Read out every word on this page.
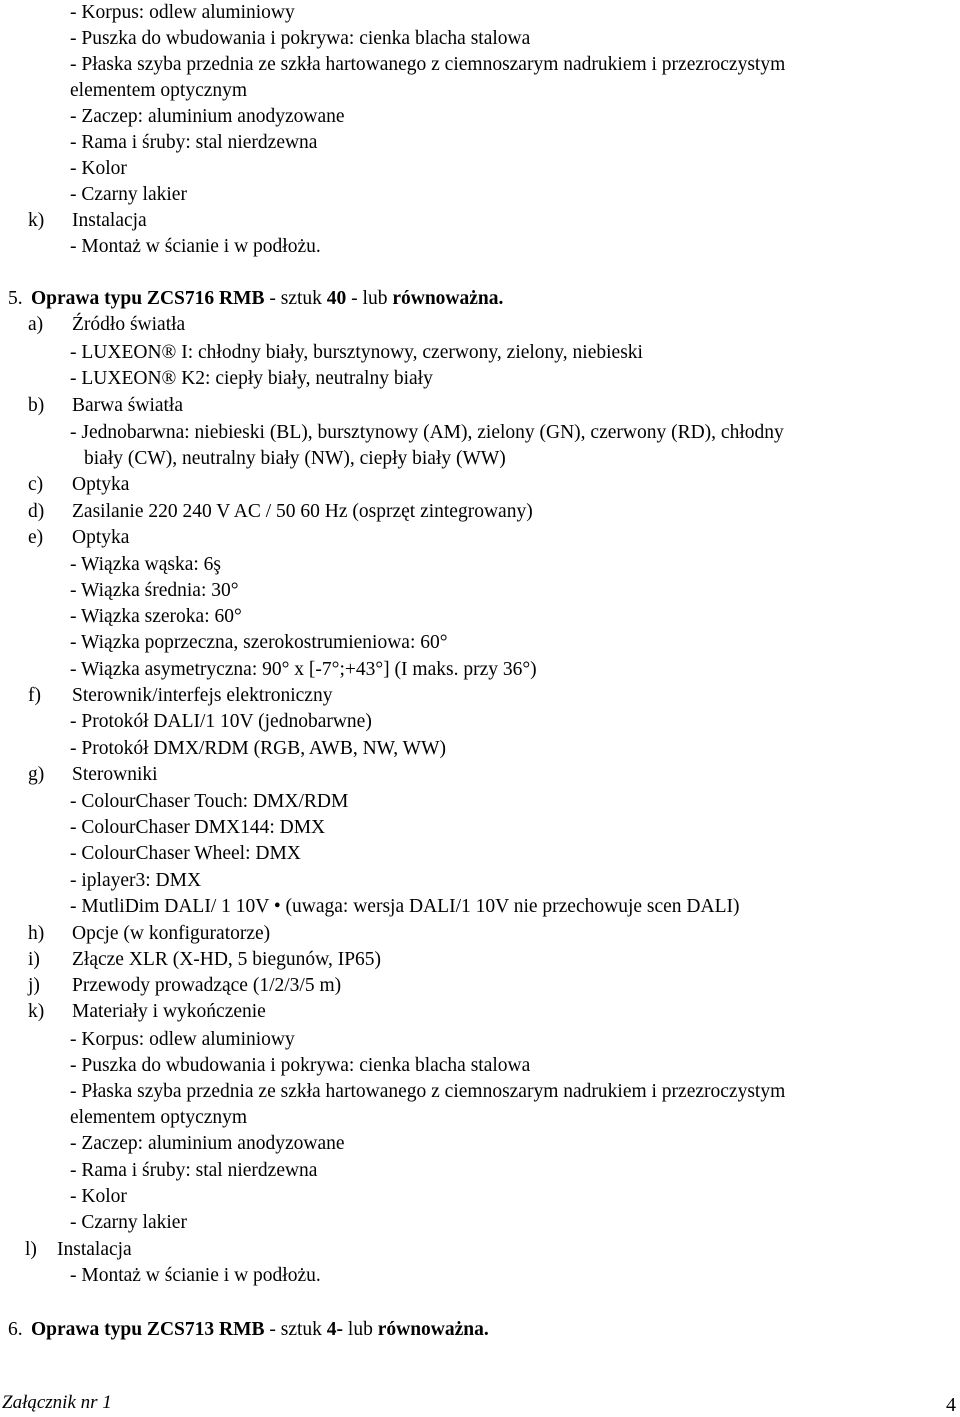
- Korpus: odlew aluminiowy
- Puszka do wbudowania i pokrywa: cienka blacha stalowa
- Płaska szyba przednia ze szkła hartowanego z ciemnoszarym nadrukiem i przezroczystym
elementem optycznym
- Zaczep: aluminium anodyzowane
- Rama i śruby: stal nierdzewna
- Kolor
- Czarny lakier
k) Instalacja
- Montaż w ścianie i w podłożu.
5. Oprawa typu ZCS716 RMB - sztuk 40 - lub równoważna.
a) Źródło światła
- LUXEON® I: chłodny biały, bursztynowy, czerwony, zielony, niebieski
- LUXEON® K2: ciepły biały, neutralny biały
b) Barwa światła
- Jednobarwna: niebieski (BL), bursztynowy (AM), zielony (GN), czerwony (RD), chłodny
biały (CW), neutralny biały (NW), ciepły biały (WW)
c) Optyka
d) Zasilanie 220 240 V AC / 50 60 Hz (osprzęt zintegrowany)
e) Optyka
- Wiązka wąska: 6ş
- Wiązka średnia: 30°
- Wiązka szeroka: 60°
- Wiązka poprzeczna, szerokostrumieniowa: 60°
- Wiązka asymetryczna: 90° x [-7°;+43°] (I maks. przy 36°)
f) Sterownik/interfejs elektroniczny
- Protokół DALI/1 10V (jednobarwne)
- Protokół DMX/RDM (RGB, AWB, NW, WW)
g) Sterowniki
- ColourChaser Touch: DMX/RDM
- ColourChaser DMX144: DMX
- ColourChaser Wheel: DMX
- iplayer3: DMX
- MutliDim DALI/ 1 10V • (uwaga: wersja DALI/1 10V nie przechowuje scen DALI)
h) Opcje (w konfiguratorze)
i) Złącze XLR (X-HD, 5 biegunów, IP65)
j) Przewody prowadzące (1/2/3/5 m)
k) Materiały i wykończenie
- Korpus: odlew aluminiowy
- Puszka do wbudowania i pokrywa: cienka blacha stalowa
- Płaska szyba przednia ze szkła hartowanego z ciemnoszarym nadrukiem i przezroczystym
elementem optycznym
- Zaczep: aluminium anodyzowane
- Rama i śruby: stal nierdzewna
- Kolor
- Czarny lakier
l) Instalacja
- Montaż w ścianie i w podłożu.
6. Oprawa typu ZCS713 RMB - sztuk 4- lub równoważna.
Załącznik nr 1	4
